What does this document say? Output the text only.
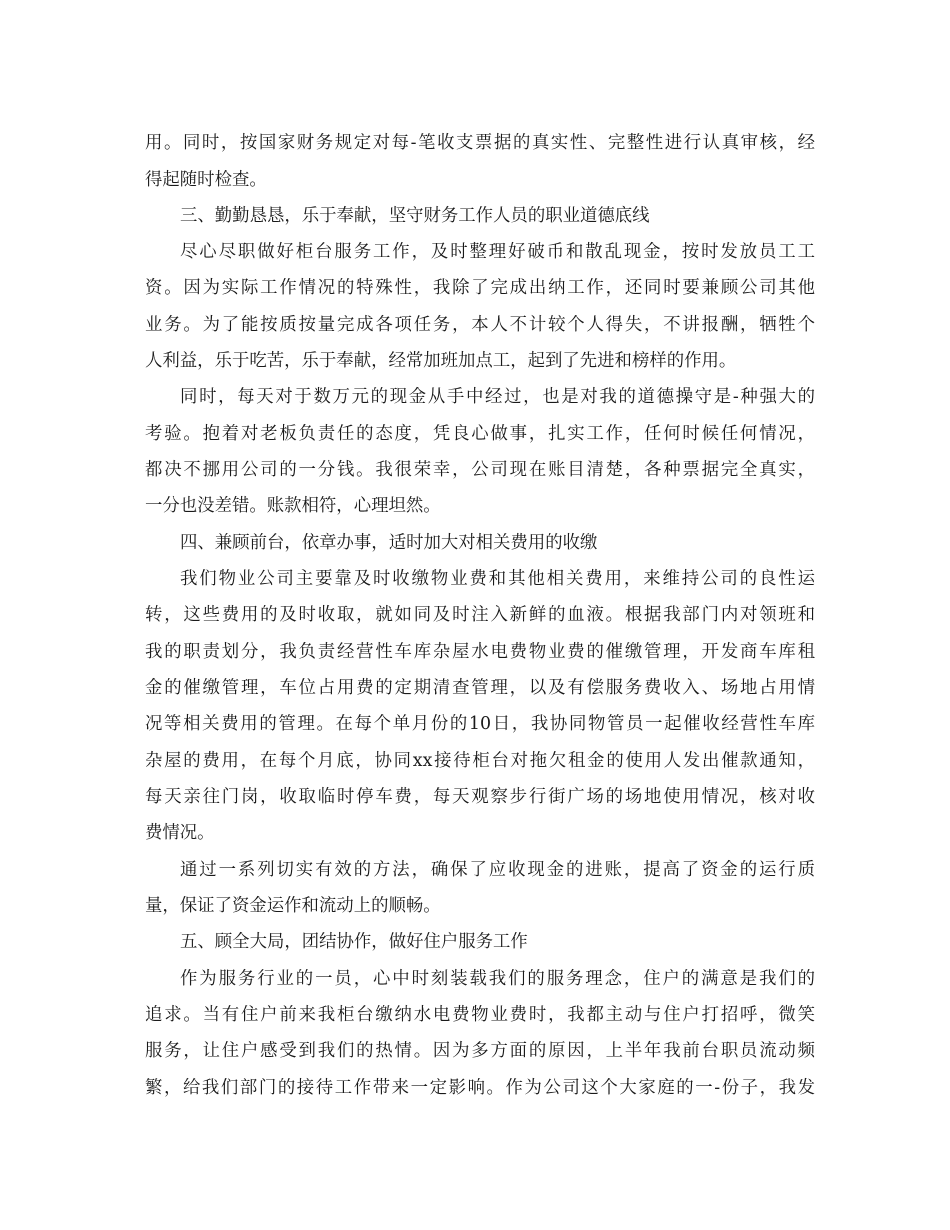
用。同时，按国家财务规定对每-笔收支票据的真实性、完整性进行认真审核，经
得起随时检查。
三、勤勤恳恳，乐于奉献，坚守财务工作人员的职业道德底线
尽心尽职做好柜台服务工作，及时整理好破币和散乱现金，按时发放员工工
资。因为实际工作情况的特殊性，我除了完成出纳工作，还同时要兼顾公司其他
业务。为了能按质按量完成各项任务，本人不计较个人得失，不讲报酬，牺牲个
人利益，乐于吃苦，乐于奉献，经常加班加点工，起到了先进和榜样的作用。
同时，每天对于数万元的现金从手中经过，也是对我的道德操守是-种强大的
考验。抱着对老板负责任的态度，凭良心做事，扎实工作，任何时候任何情况，
都决不挪用公司的一分钱。我很荣幸，公司现在账目清楚，各种票据完全真实，
一分也没差错。账款相符，心理坦然。
四、兼顾前台，依章办事，适时加大对相关费用的收缴
我们物业公司主要靠及时收缴物业费和其他相关费用，来维持公司的良性运
转，这些费用的及时收取，就如同及时注入新鲜的血液。根据我部门内对领班和
我的职责划分，我负责经营性车库杂屋水电费物业费的催缴管理，开发商车库租
金的催缴管理，车位占用费的定期清查管理，以及有偿服务费收入、场地占用情
况等相关费用的管理。在每个单月份的10日，我协同物管员一起催收经营性车库
杂屋的费用，在每个月底，协同xx接待柜台对拖欠租金的使用人发出催款通知，
每天亲往门岗，收取临时停车费，每天观察步行街广场的场地使用情况，核对收
费情况。
通过一系列切实有效的方法，确保了应收现金的进账，提高了资金的运行质
量，保证了资金运作和流动上的顺畅。
五、顾全大局，团结协作，做好住户服务工作
作为服务行业的一员，心中时刻装载我们的服务理念，住户的满意是我们的
追求。当有住户前来我柜台缴纳水电费物业费时，我都主动与住户打招呼，微笑
服务，让住户感受到我们的热情。因为多方面的原因，上半年我前台职员流动频
繁，给我们部门的接待工作带来一定影响。作为公司这个大家庭的一-份子，我发
